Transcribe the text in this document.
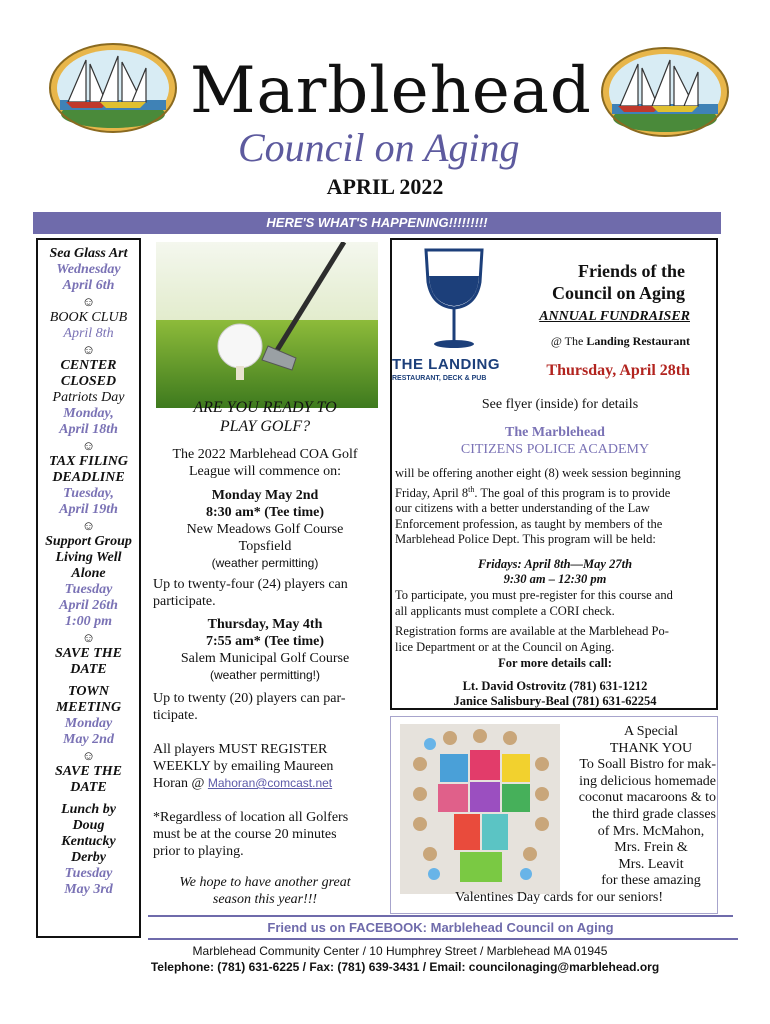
Marblehead
Council on Aging
APRIL 2022
HERE'S WHAT'S HAPPENING!!!!!!!!!
Sea Glass Art
Wednesday
April 6th
☺
BOOK CLUB
April 8th
☺
CENTER
CLOSED
Patriots Day
Monday,
April 18th
☺
TAX FILING
DEADLINE
Tuesday,
April 19th
☺
Support Group
Living Well
Alone
Tuesday
April 26th
1:00 pm
☺
SAVE THE
DATE
TOWN
MEETING
Monday
May 2nd
☺
SAVE THE
DATE
Lunch by
Doug
Kentucky
Derby
Tuesday
May 3rd
ARE YOU READY TO
PLAY GOLF?
The 2022 Marblehead COA Golf
League will commence on:
Monday May 2nd
8:30 am* (Tee time)
New Meadows Golf Course
Topsfield
(weather permitting)
Up to twenty-four (24) players can
participate.
Thursday, May 4th
7:55 am* (Tee time)
Salem Municipal Golf Course
(weather permitting!)
Up to twenty (20) players can par-
ticipate.
All players MUST REGISTER
WEEKLY by emailing Maureen
Horan @ Mahoran@comcast.net
*Regardless of location all Golfers
must be at the course 20 minutes
prior to playing.
We hope to have another great
season this year!!!
THE LANDING
RESTAURANT, DECK & PUB
Friends of the
Council on Aging
ANNUAL FUNDRAISER
@ The Landing Restaurant
Thursday, April 28th
See flyer (inside) for details
The Marblehead
CITIZENS POLICE ACADEMY
will be offering another eight (8) week session beginning
Friday, April 8th. The goal of this program is to provide
our citizens with a better understanding of the Law
Enforcement profession, as taught by members of the
Marblehead Police Dept. This program will be held:
Fridays: April 8th—May 27th
9:30 am – 12:30 pm
To participate, you must pre-register for this course and
all applicants must complete a CORI check.
Registration forms are available at the Marblehead Po-
lice Department or at the Council on Aging.
For more details call:
Lt. David Ostrovitz (781) 631-1212
Janice Salisbury-Beal (781) 631-62254
A Special
THANK YOU
To Soall Bistro for mak-
ing delicious homemade
coconut macaroons & to
the third grade classes
of Mrs. McMahon,
Mrs. Frein &
Mrs. Leavit
for these amazing
Valentines Day cards for our seniors!
Friend us on FACEBOOK: Marblehead Council on Aging
Marblehead Community Center / 10 Humphrey Street / Marblehead MA 01945
Telephone: (781) 631-6225 / Fax: (781) 639-3431 / Email: councilonaging@marblehead.org
